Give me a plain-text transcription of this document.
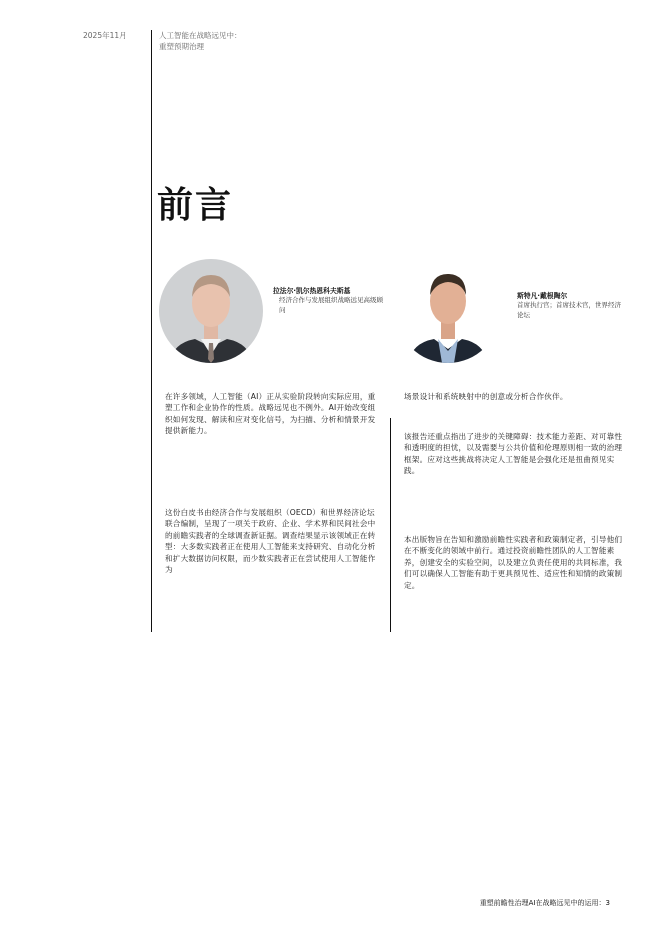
2025年11月	人工智能在战略远见中：
重塑预期治理
前言
拉法尔·凯尔热恩科夫斯基
经济合作与发展组织战略远见高级顾问
斯特凡·戴根陶尔
首席执行官；首席技术官，世界经济论坛
在许多领域，人工智能（AI）正从实验阶段转向实际应用，重塑工作和企业协作的性质。战略远见也不例外。AI开始改变组织如何发现、解读和应对变化信号，为扫描、分析和情景开发提供新能力。
这份白皮书由经济合作与发展组织（OECD）和世界经济论坛联合编制，呈现了一项关于政府、企业、学术界和民间社会中的前瞻实践者的全球调查新证据。调查结果显示该领域正在转型：大多数实践者正在使用人工智能来支持研究、自动化分析和扩大数据访问权限，而少数实践者正在尝试使用人工智能作为
场景设计和系统映射中的创意或分析合作伙伴。
该报告还重点指出了进步的关键障碍：技术能力差距、对可靠性和透明度的担忧，以及需要与公共价值和伦理原则相一致的治理框架。应对这些挑战将决定人工智能是会强化还是扭曲预见实践。
本出版物旨在告知和激励前瞻性实践者和政策制定者，引导他们在不断变化的领域中前行。通过投资前瞻性团队的人工智能素养，创建安全的实验空间，以及建立负责任使用的共同标准，我们可以确保人工智能有助于更具预见性、适应性和知情的政策制定。
重塑前瞻性治理AI在战略远见中的运用：3
